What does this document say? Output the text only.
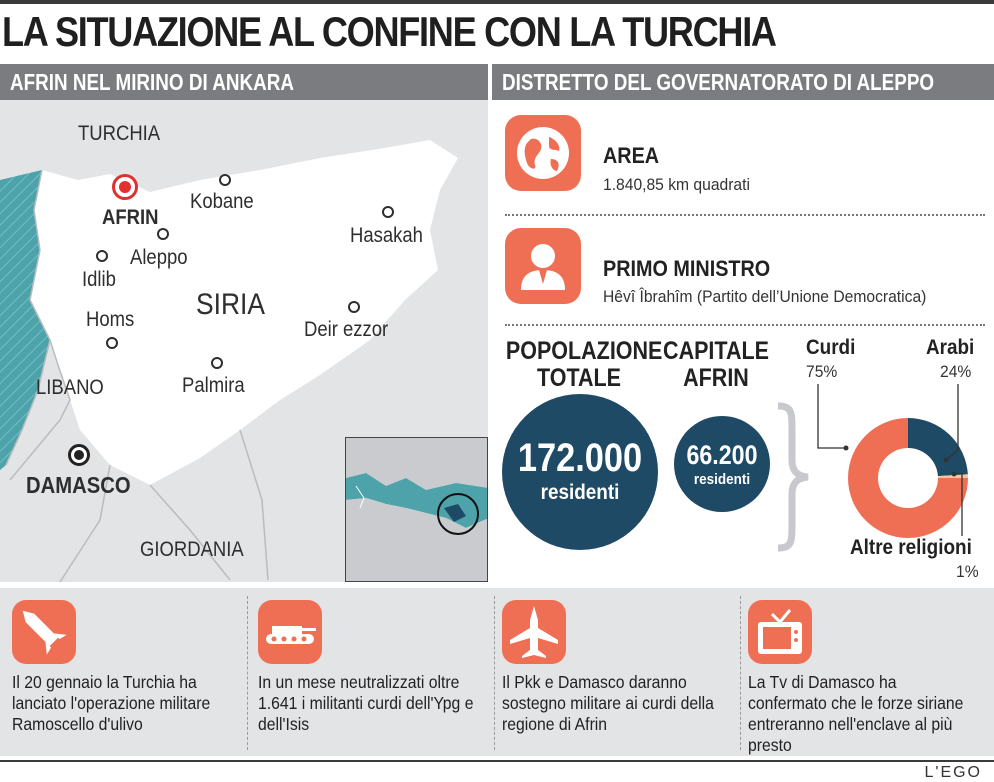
LA SITUAZIONE AL CONFINE CON LA TURCHIA
AFRIN NEL MIRINO DI ANKARA	DISTRETTO DEL GOVERNATORATO DI ALEPPO
TURCHIA
SIRIA
LIBANO
GIORDANIA
AFRIN
Kobane
Aleppo
Idlib
Hasakah
Homs	Deir ezzor
Palmira
DAMASCO
AREA
1.840,85 km quadrati
PRIMO MINISTRO
Hêvî Îbrahîm (Partito dell’Unione Democratica)
POPOLAZIONE
TOTALE
172.000
residenti
CAPITALE
AFRIN
66.200
residenti
Curdi
75%
Arabi
24%
Altre religioni
1%
Il 20 gennaio la Turchia ha lanciato l'operazione militare Ramoscello d'ulivo
In un mese neutralizzati oltre 1.641 i militanti curdi dell'Ypg e dell'Isis
Il Pkk e Damasco daranno sostegno militare ai curdi della regione di Afrin
La Tv di Damasco ha confermato che le forze siriane entreranno nell'enclave al più presto
L'EGO
